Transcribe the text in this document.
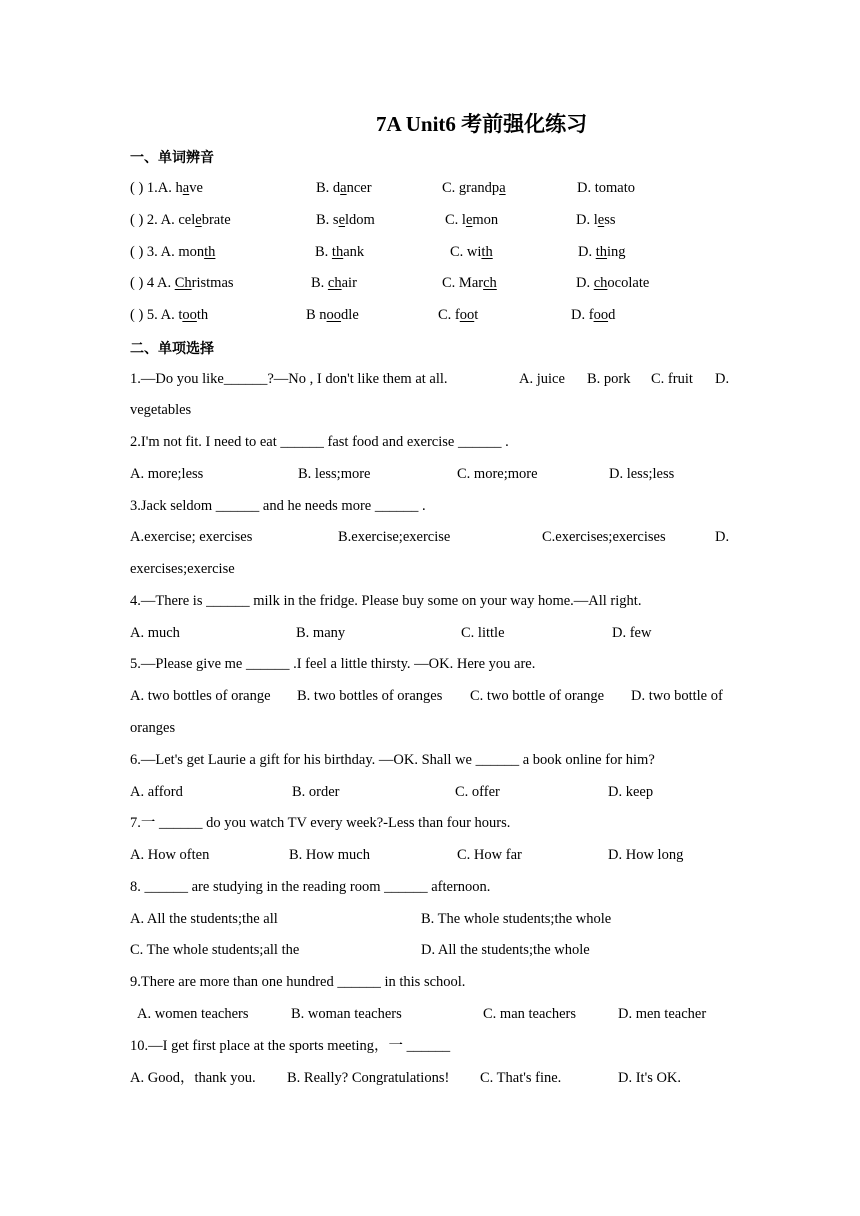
7A Unit6 考前强化练习
一、单词辨音
( ) 1.A. have	B. dancer	C. grandpa	D. tomato
( ) 2. A. celebrate	B. seldom	C. lemon	D. less
( ) 3. A. month	B. thank	C. with	D. thing
( ) 4 A. Christmas	B. chair	C. March	D. chocolate
( ) 5. A. tooth	B noodle	C. foot	D. food
二、单项选择
1.—Do you like______?—No , I don't like them at all.	A. juice B. pork C. fruit D.
vegetables
2.I'm not fit. I need to eat ______ fast food and exercise ______ .
A. more;less	B. less;more	C. more;more	D. less;less
3.Jack seldom ______ and he needs more ______ .
A.exercise; exercises	B.exercise;exercise	C.exercises;exercises	D.
exercises;exercise
4.—There is ______ milk in the fridge. Please buy some on your way home.—All right.
A. much	B. many	C. little	D. few
5.—Please give me ______ .I feel a little thirsty. —OK. Here you are.
A. two bottles of orange B. two bottles of oranges C. two bottle of orange D. two bottle of
oranges
6.—Let's get Laurie a gift for his birthday. —OK. Shall we ______ a book online for him?
A. afford	B. order	C. offer	D. keep
7.一 ______ do you watch TV every week?-Less than four hours.
A. How often	B. How much	C. How far	D. How long
8. ______ are studying in the reading room ______ afternoon.
A. All the students;the all	B. The whole students;the whole
C. The whole students;all the	D. All the students;the whole
9.There are more than one hundred ______ in this school.
A. women teachers	B. woman teachers	C. man teachers	D. men teacher
10.—I get first place at the sports meeting，一 ______
A. Good，thank you. B. Really? Congratulations! C. That's fine.	D. It's OK.
